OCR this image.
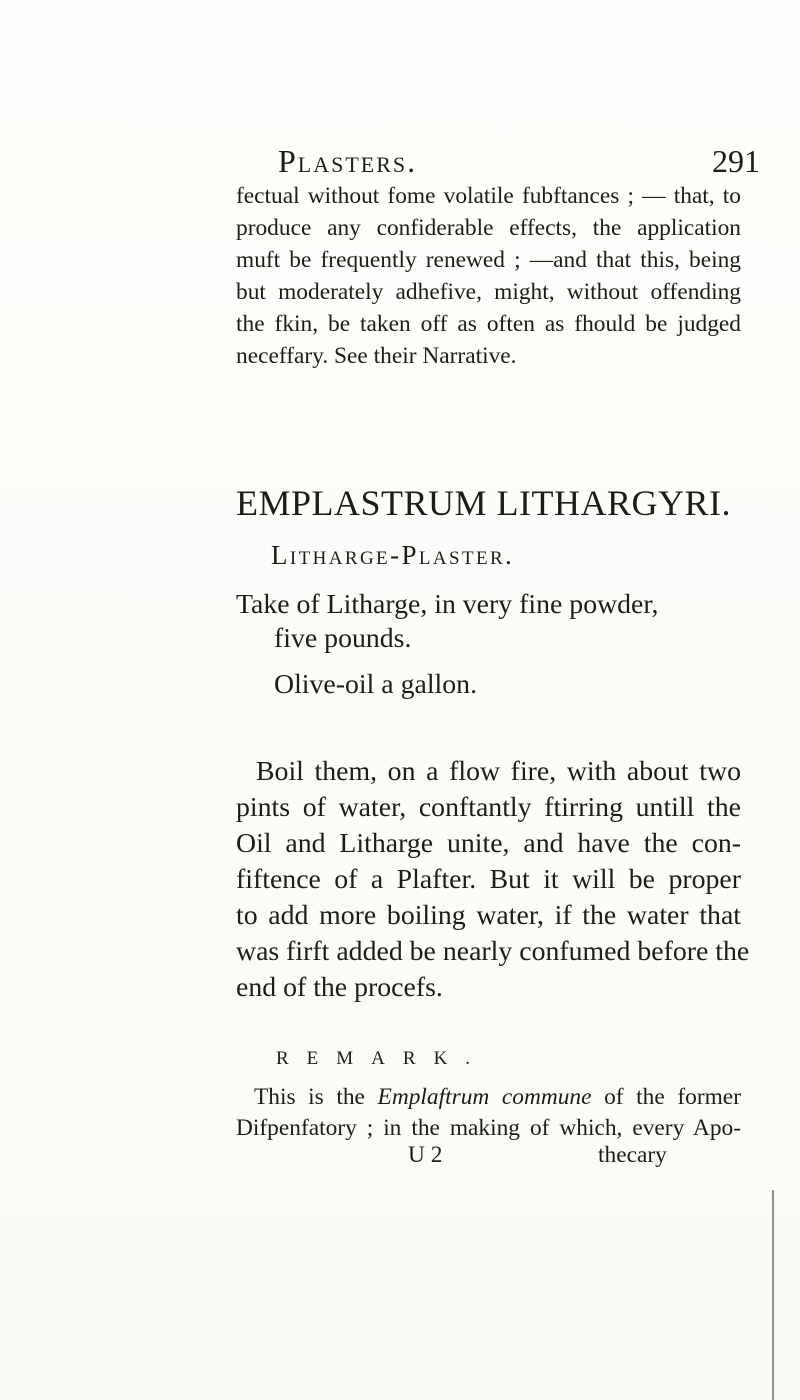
Plasters.	291

fectual without fome volatile fubftances ; — that, to
produce any confiderable effects, the application
muft be frequently renewed ; —and that this, being
but moderately adhefive, might, without offending
the fkin, be taken off as often as fhould be judged
neceffary. See their Narrative.

EMPLASTRUM LITHARGYRI.
Litharge-Plaster.
Take of Litharge, in very fine powder,
five pounds.
Olive-oil a gallon.
Boil them, on a flow fire, with about two
pints of water, conftantly ftirring untill the
Oil and Litharge unite, and have the con-
fiftence of a Plafter. But it will be proper
to add more boiling water, if the water that
was firft added be nearly confumed before the
end of the procefs.
REMARK.
This is the Emplaftrum commune of the former
Difpenfatory ; in the making of which, every Apo-
U 2	thecary
